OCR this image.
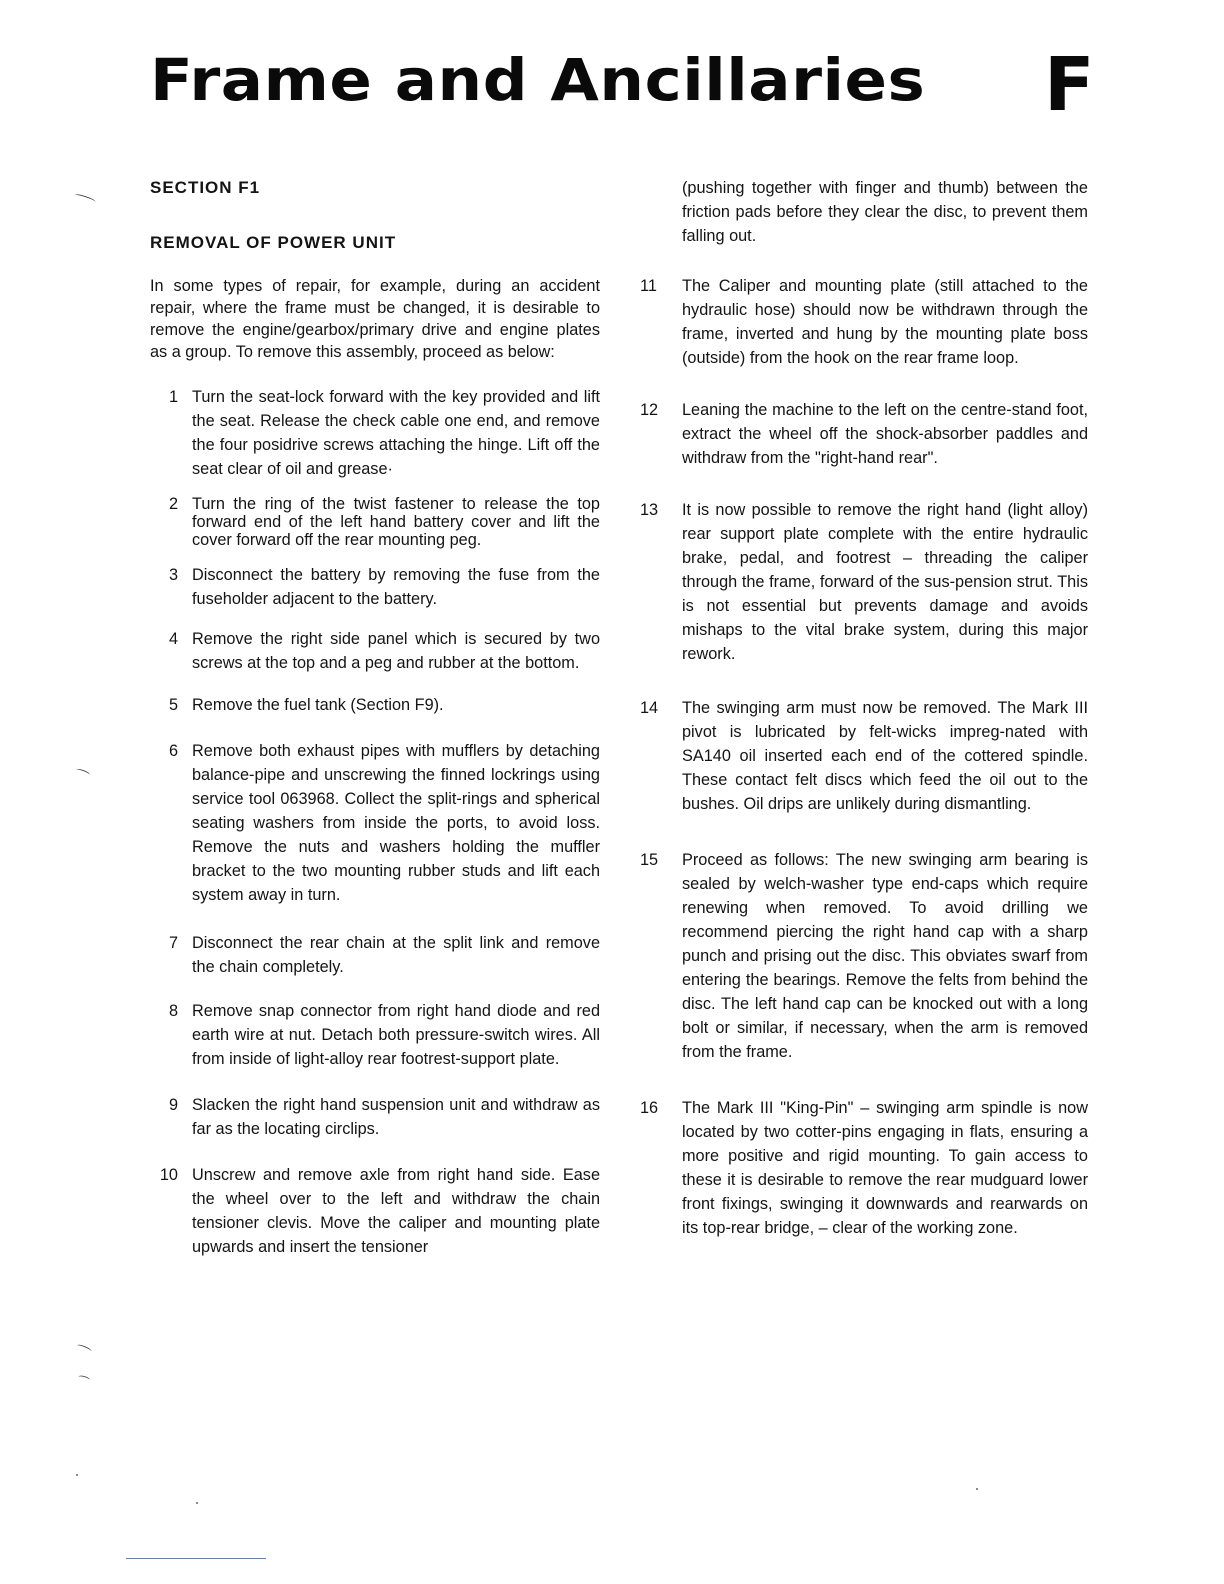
Frame and Ancillaries F
SECTION F1
REMOVAL OF POWER UNIT

In some types of repair, for example, during an accident repair, where the frame must be changed, it is desirable to remove the engine/gearbox/primary drive and engine plates as a group. To remove this assembly, proceed as below:

1 Turn the seat-lock forward with the key provided and lift the seat. Release the check cable one end, and remove the four posidrive screws attaching the hinge. Lift off the seat clear of oil and grease·
2 Turn the ring of the twist fastener to release the top forward end of the left hand battery cover and lift the cover forward off the rear mounting peg.
3 Disconnect the battery by removing the fuse from the fuseholder adjacent to the battery.
4 Remove the right side panel which is secured by two screws at the top and a peg and rubber at the bottom.
5 Remove the fuel tank (Section F9).
6 Remove both exhaust pipes with mufflers by detaching balance-pipe and unscrewing the finned lockrings using service tool 063968. Collect the split-rings and spherical seating washers from inside the ports, to avoid loss. Remove the nuts and washers holding the muffler bracket to the two mounting rubber studs and lift each system away in turn.
7 Disconnect the rear chain at the split link and remove the chain completely.
8 Remove snap connector from right hand diode and red earth wire at nut. Detach both pressure-switch wires. All from inside of light-alloy rear footrest-support plate.
9 Slacken the right hand suspension unit and withdraw as far as the locating circlips.
10 Unscrew and remove axle from right hand side. Ease the wheel over to the left and withdraw the chain tensioner clevis. Move the caliper and mounting plate upwards and insert the tensioner

(pushing together with finger and thumb) between the friction pads before they clear the disc, to prevent them falling out.

11	The Caliper and mounting plate (still attached to the hydraulic hose) should now be withdrawn through the frame, inverted and hung by the mounting plate boss (outside) from the hook on the rear frame loop.
12	Leaning the machine to the left on the centre-stand foot, extract the wheel off the shock-absorber paddles and withdraw from the "right-hand rear".
13	It is now possible to remove the right hand (light alloy) rear support plate complete with the entire hydraulic brake, pedal, and footrest – threading the caliper through the frame, forward of the sus-pension strut. This is not essential but prevents damage and avoids mishaps to the vital brake system, during this major rework.
14	The swinging arm must now be removed. The Mark III pivot is lubricated by felt-wicks impreg-nated with SA140 oil inserted each end of the cottered spindle. These contact felt discs which feed the oil out to the bushes. Oil drips are unlikely during dismantling.
15	Proceed as follows: The new swinging arm bearing is sealed by welch-washer type end-caps which require renewing when removed. To avoid drilling we recommend piercing the right hand cap with a sharp punch and prising out the disc. This obviates swarf from entering the bearings. Remove the felts from behind the disc. The left hand cap can be knocked out with a long bolt or similar, if necessary, when the arm is removed from the frame.
16	The Mark III "King-Pin" – swinging arm spindle is now located by two cotter-pins engaging in flats, ensuring a more positive and rigid mounting. To gain access to these it is desirable to remove the rear mudguard lower front fixings, swinging it downwards and rearwards on its top-rear bridge, – clear of the working zone.
